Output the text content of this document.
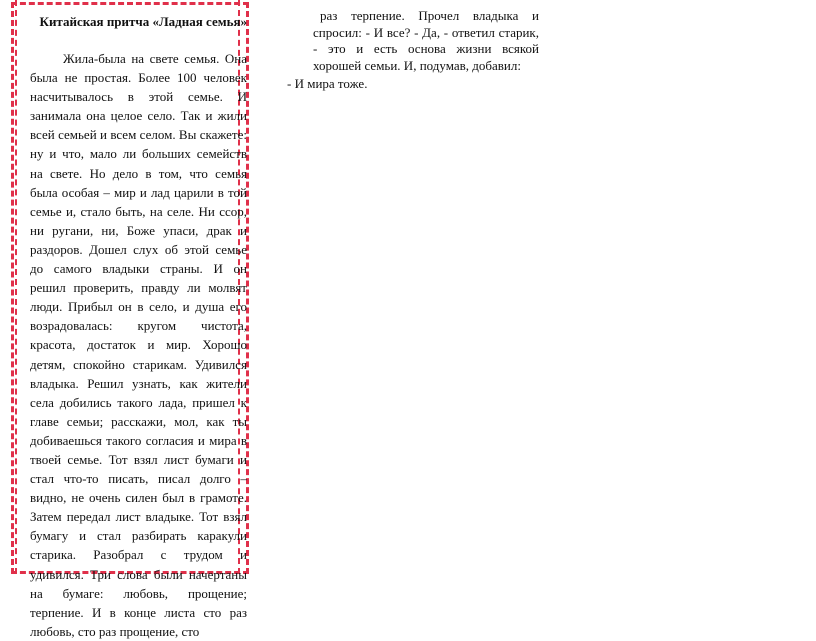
Китайская притча «Ладная семья»

Жила-была на свете семья. Она была не простая. Более 100 человек насчитывалось в этой семье. И занимала она целое село. Так и жили всей семьей и всем селом. Вы скажете: ну и что, мало ли больших семейств на свете. Но дело в том, что семья была особая – мир и лад царили в той семье и, стало быть, на селе. Ни ссор, ни ругани, ни, Боже упаси, драк и раздоров. Дошел слух об этой семье до самого владыки страны. И он решил проверить, правду ли молвят люди. Прибыл он в село, и душа его возрадовалась: кругом чистота, красота, достаток и мир. Хорошо детям, спокойно старикам. Удивился владыка. Решил узнать, как жители села добились такого лада, пришел к главе семьи; расскажи, мол, как ты добиваешься такого согласия и мира в твоей семье. Тот взял лист бумаги и стал что-то писать, писал долго – видно, не очень силен был в грамоте. Затем передал лист владыке. Тот взял бумагу и стал разбирать каракули старика. Разобрал с трудом и удивился. Три слова были начертаны на бумаге: любовь, прощение; терпение. И в конце листа сто раз любовь, сто раз прощение, сто

раз терпение. Прочел владыка и спросил: - И все? - Да, - ответил старик, - это и есть основа жизни всякой хорошей семьи. И, подумав, добавил:

- И мира тоже.
